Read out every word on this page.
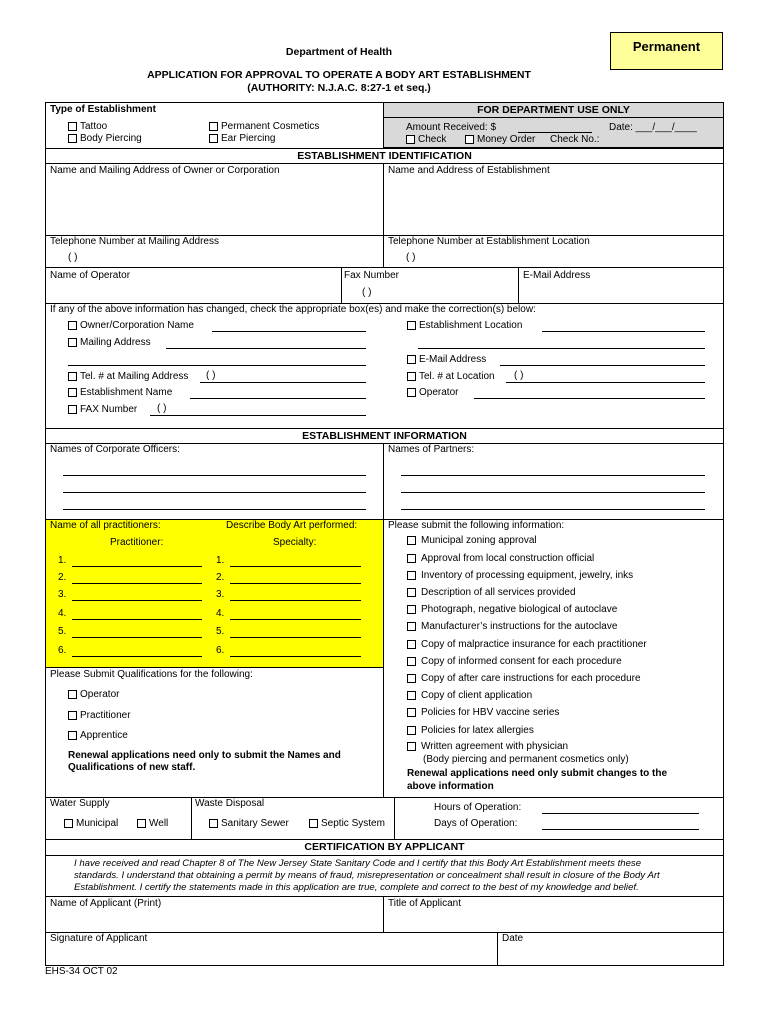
Department of Health
APPLICATION FOR APPROVAL TO OPERATE A BODY ART ESTABLISHMENT
(AUTHORITY: N.J.A.C. 8:27-1 et seq.)
Permanent
Type of Establishment
Tattoo
Body Piercing
Permanent Cosmetics
Ear Piercing
FOR DEPARTMENT USE ONLY
Amount Received: $	Date: ___/___/____
Check	Money Order Check No.:
ESTABLISHMENT IDENTIFICATION
Name and Mailing Address of Owner or Corporation	Name and Address of Establishment
Telephone Number at Mailing Address
( )
Telephone Number at Establishment Location
( )
Name of Operator	Fax Number
( )
E-Mail Address
If any of the above information has changed, check the appropriate box(es) and make the correction(s) below:
Owner/Corporation Name
Mailing Address
Tel. # at Mailing Address ( )
Establishment Name
FAX Number ( )
Establishment Location
E-Mail Address
Tel. # at Location ( )
Operator
ESTABLISHMENT INFORMATION
Names of Corporate Officers:	Names of Partners:
Name of all practitioners:	Describe Body Art performed:
Practitioner:	Specialty:
1.	1.
2.	2.
3.	3.
4.	4.
5.	5.
6.	6.
Please Submit Qualifications for the following:
Operator
Practitioner
Apprentice
Renewal applications need only to submit the Names and
Qualifications of new staff.
Please submit the following information:
Municipal zoning approval
Approval from local construction official
Inventory of processing equipment, jewelry, inks
Description of all services provided
Photograph, negative biological of autoclave
Manufacturer’s instructions for the autoclave
Copy of malpractice insurance for each practitioner
Copy of informed consent for each procedure
Copy of after care instructions for each procedure
Copy of client application
Policies for HBV vaccine series
Policies for latex allergies
Written agreement with physician
(Body piercing and permanent cosmetics only)
Renewal applications need only submit changes to the
above information
Water Supply
Municipal	Well
Waste Disposal
Sanitary Sewer	Septic System
Hours of Operation:
Days of Operation:
CERTIFICATION BY APPLICANT
I have received and read Chapter 8 of The New Jersey State Sanitary Code and I certify that this Body Art Establishment meets these
standards. I understand that obtaining a permit by means of fraud, misrepresentation or concealment shall result in closure of the Body Art
Establishment. I certify the statements made in this application are true, complete and correct to the best of my knowledge and belief.
Name of Applicant (Print)	Title of Applicant
Signature of Applicant	Date
EHS-34 OCT 02
